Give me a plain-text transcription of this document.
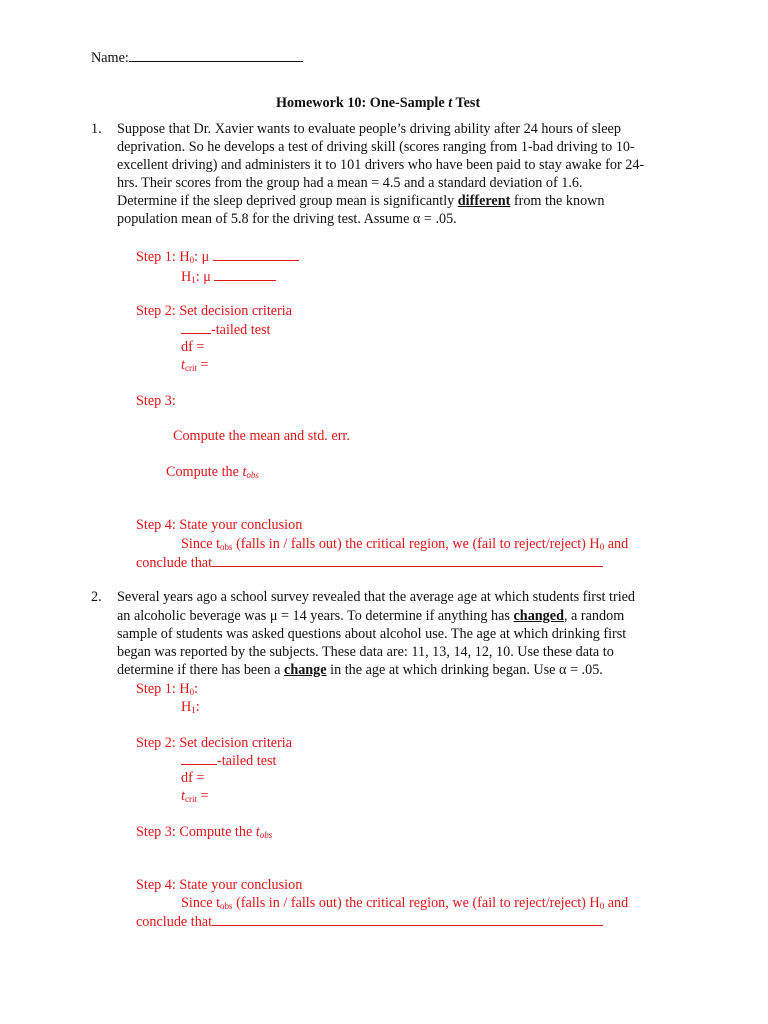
Name:
Homework 10: One-Sample t Test
1. Suppose that Dr. Xavier wants to evaluate people’s driving ability after 24 hours of sleep
deprivation. So he develops a test of driving skill (scores ranging from 1-bad driving to 10-
excellent driving) and administers it to 101 drivers who have been paid to stay awake for 24-
hrs. Their scores from the group had a mean = 4.5 and a standard deviation of 1.6.
Determine if the sleep deprived group mean is significantly different from the known
population mean of 5.8 for the driving test. Assume α = .05.
Step 1: $H_0$: μ
$H_1$: μ
Step 2: Set decision criteria
-tailed test
df =
$t_{crit}$ =
Step 3:
Compute the mean and std. err.
Compute the $t_{obs}$
Step 4: State your conclusion
Since $t_{obs}$ (falls in / falls out) the critical region, we (fail to reject/reject) $H_0$ and
conclude that
2. Several years ago a school survey revealed that the average age at which students first tried
an alcoholic beverage was μ = 14 years. To determine if anything has changed, a random
sample of students was asked questions about alcohol use. The age at which drinking first
began was reported by the subjects. These data are: 11, 13, 14, 12, 10. Use these data to
determine if there has been a change in the age at which drinking began. Use α = .05.
Step 1: $H_0$:
$H_1$:
Step 2: Set decision criteria
-tailed test
df =
$t_{crit}$ =
Step 3: Compute the $t_{obs}$
Step 4: State your conclusion
Since $t_{obs}$ (falls in / falls out) the critical region, we (fail to reject/reject) $H_0$ and
conclude that
